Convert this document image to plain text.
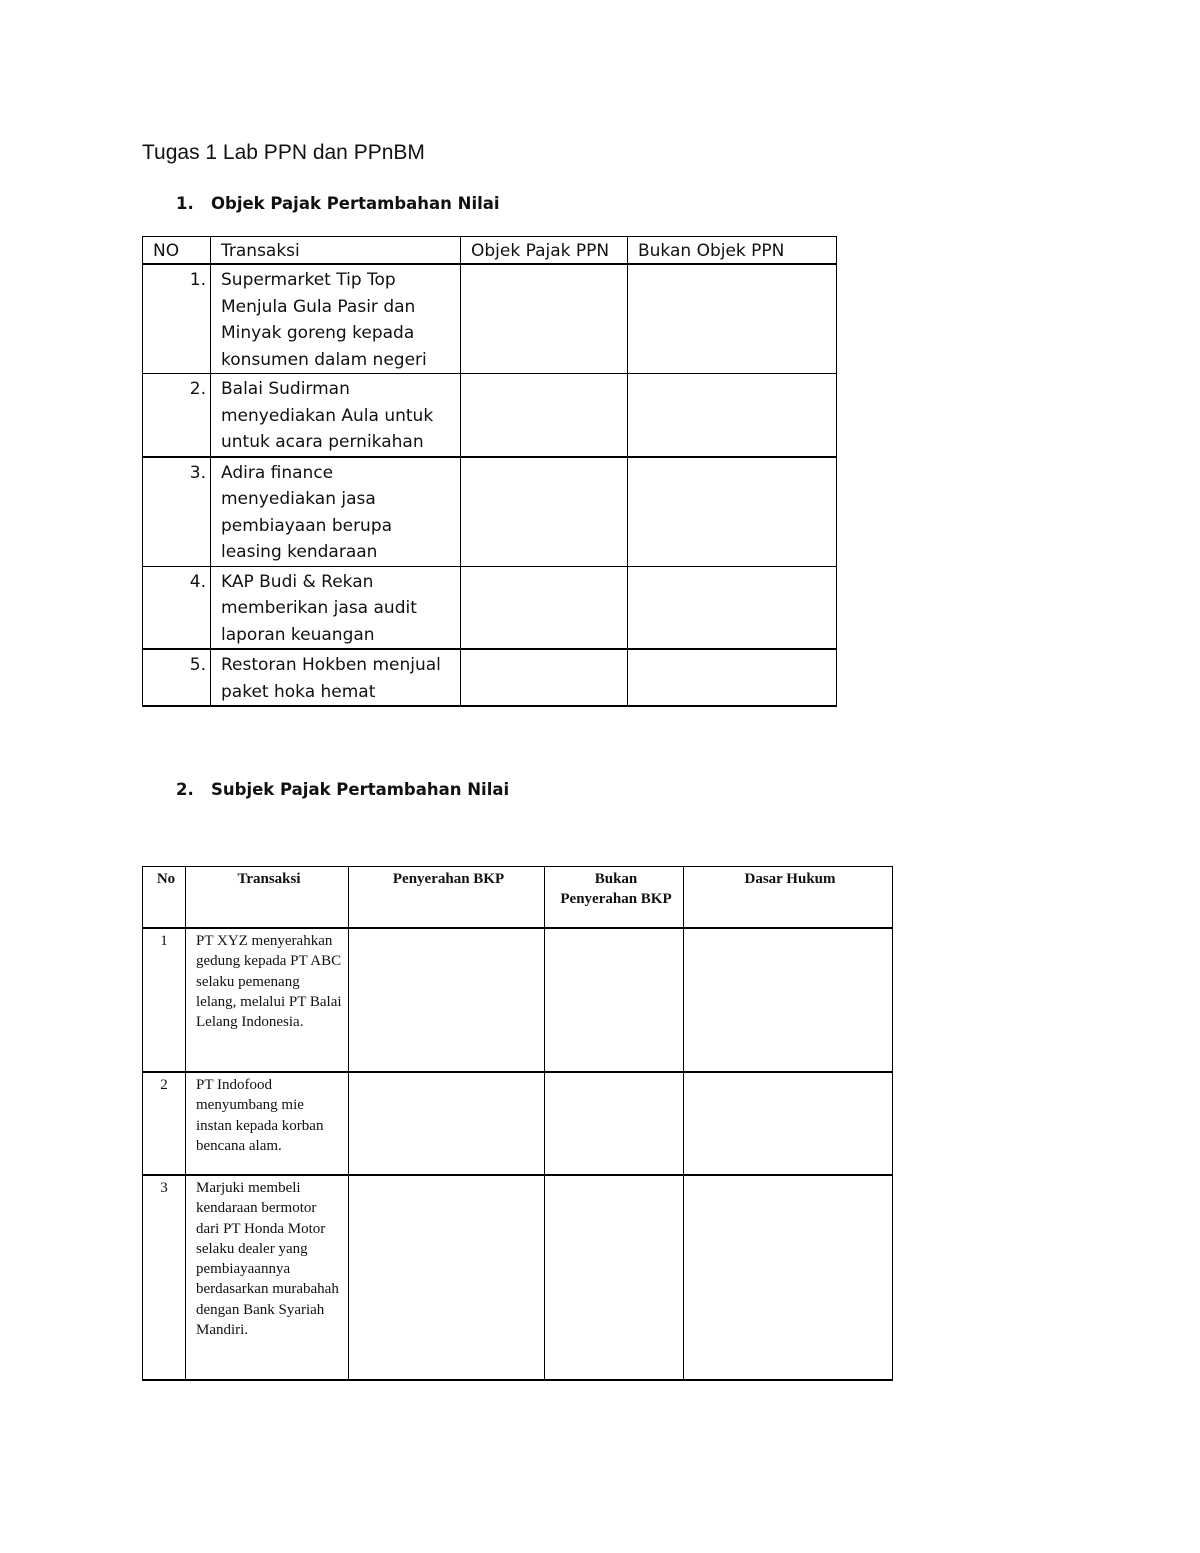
Tugas 1 Lab PPN dan PPnBM
1. Objek Pajak Pertambahan Nilai
NO	Transaksi	Objek Pajak PPN	Bukan Objek PPN
1.	Supermarket Tip Top Menjula Gula Pasir dan Minyak goreng kepada konsumen dalam negeri		
2.	Balai Sudirman menyediakan Aula untuk untuk acara pernikahan		
3.	Adira finance menyediakan jasa pembiayaan berupa leasing kendaraan		
4.	KAP Budi & Rekan memberikan jasa audit laporan keuangan		
5.	Restoran Hokben menjual paket hoka hemat		
2. Subjek Pajak Pertambahan Nilai
No	Transaksi	Penyerahan BKP	Bukan Penyerahan BKP	Dasar Hukum
1	PT XYZ menyerahkan gedung kepada PT ABC selaku pemenang lelang, melalui PT Balai Lelang Indonesia.			
2	PT Indofood menyumbang mie instan kepada korban bencana alam.			
3	Marjuki membeli kendaraan bermotor dari PT Honda Motor selaku dealer yang pembiayaannya berdasarkan murabahah dengan Bank Syariah Mandiri.			
